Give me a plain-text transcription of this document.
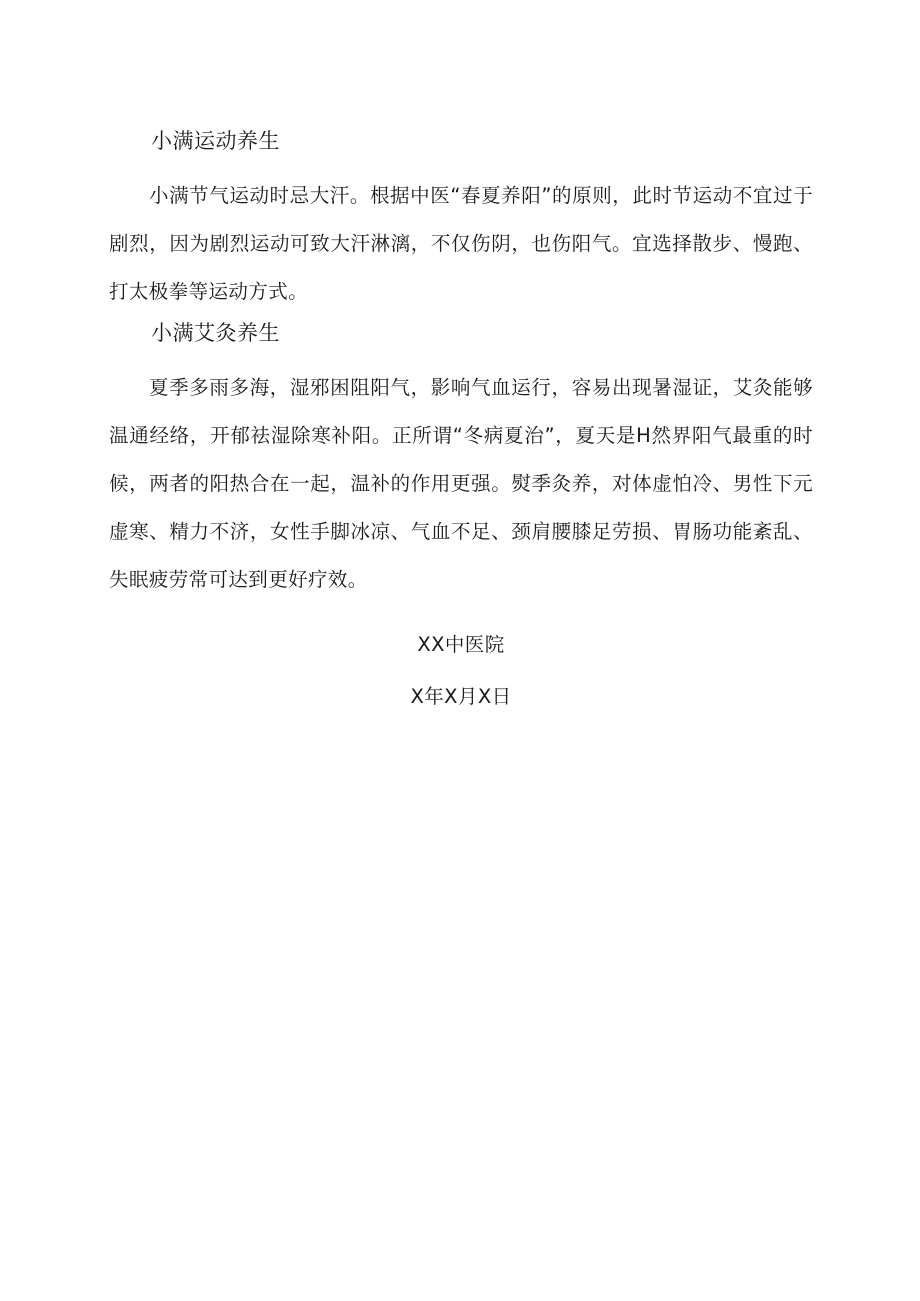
小满运动养生

小满节气运动时忌大汗。根据中医“春夏养阳”的原则，此时节运动不宜过于剧烈，因为剧烈运动可致大汗淋漓，不仅伤阴，也伤阳气。宜选择散步、慢跑、打太极拳等运动方式。

小满艾灸养生

夏季多雨多海，湿邪困阻阳气，影响气血运行，容易出现暑湿证，艾灸能够温通经络，开郁祛湿除寒补阳。正所谓“冬病夏治”，夏天是H然界阳气最重的时候，两者的阳热合在一起，温补的作用更强。熨季灸养，对体虚怕冷、男性下元虚寒、精力不济，女性手脚冰凉、气血不足、颈肩腰膝足劳损、胃肠功能紊乱、失眠疲劳常可达到更好疗效。

XX中医院
X年X月X日
